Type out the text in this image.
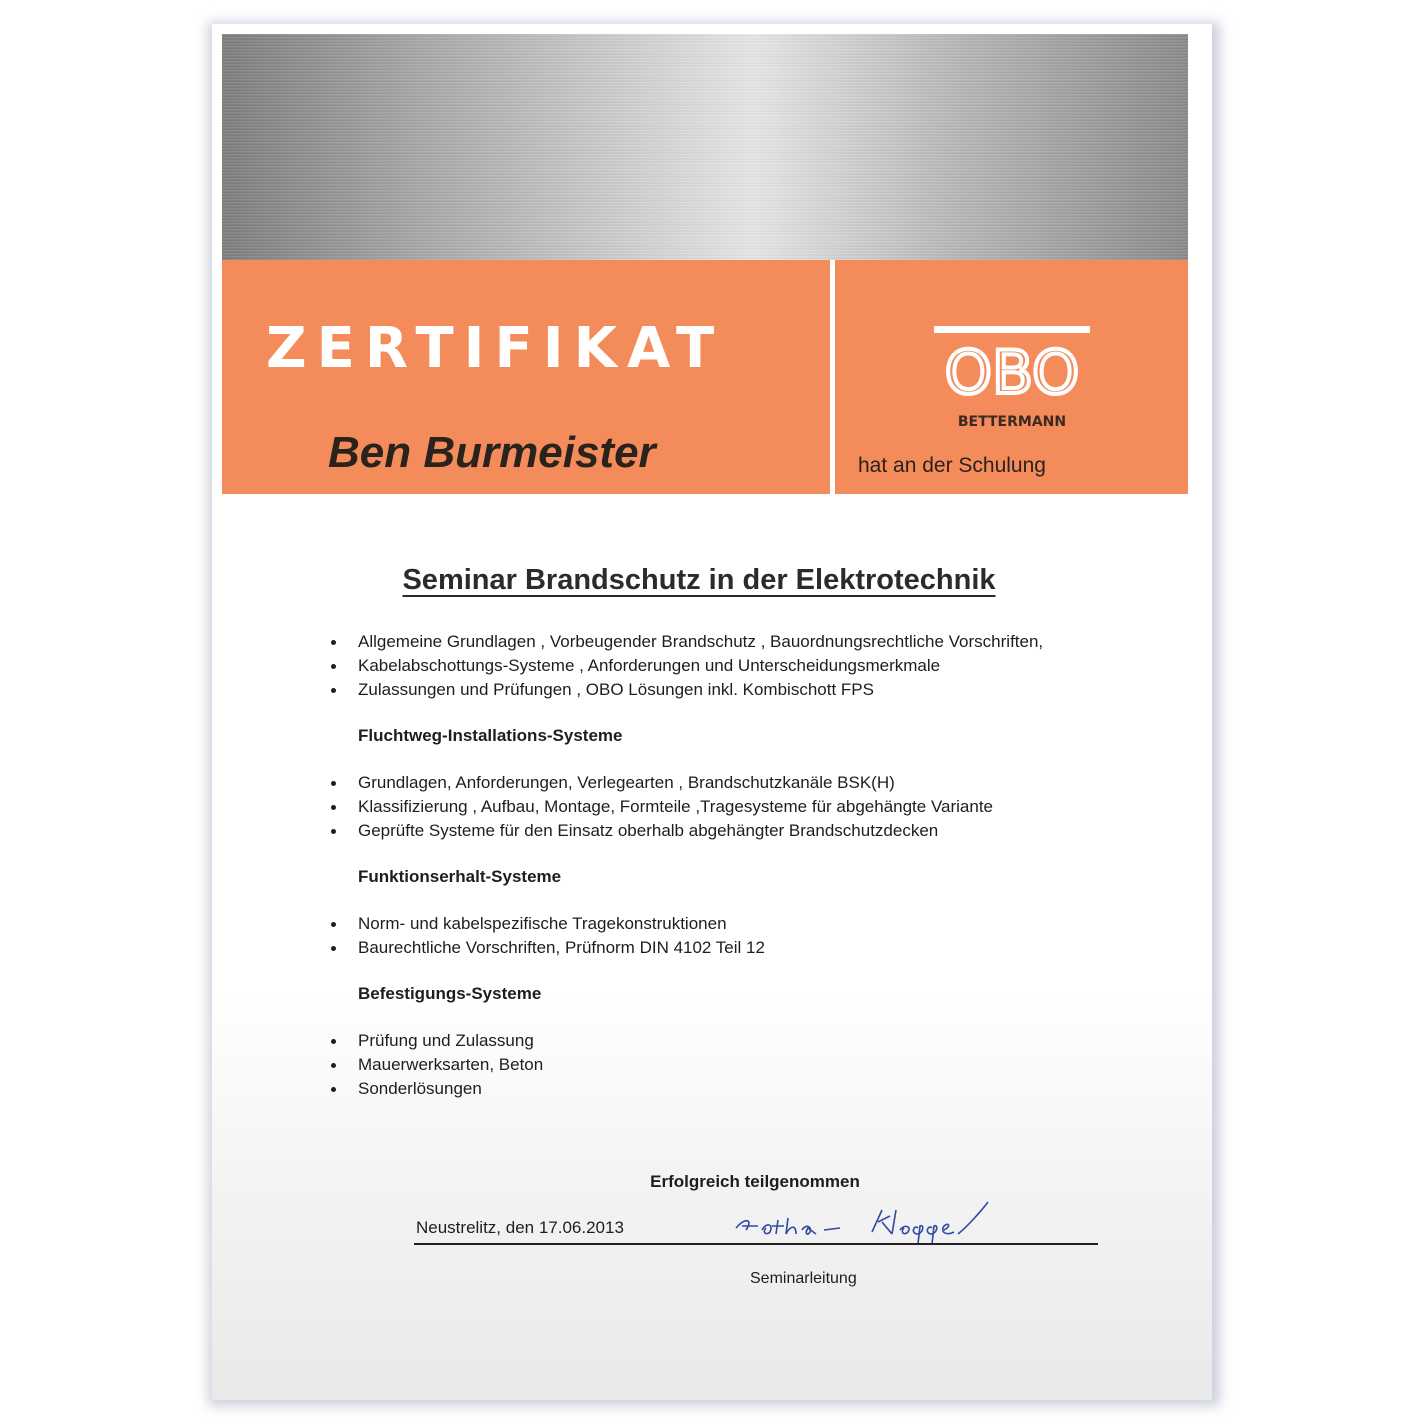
ZERTIFIKAT
Ben Burmeister
OBO
BETTERMANN
hat an der Schulung
Seminar Brandschutz in der Elektrotechnik
Allgemeine Grundlagen , Vorbeugender Brandschutz , Bauordnungsrechtliche Vorschriften,
Kabelabschottungs-Systeme , Anforderungen und Unterscheidungsmerkmale
Zulassungen und Prüfungen , OBO Lösungen inkl. Kombischott FPS
Fluchtweg-Installations-Systeme
Grundlagen, Anforderungen, Verlegearten , Brandschutzkanäle BSK(H)
Klassifizierung , Aufbau, Montage, Formteile ,Tragesysteme für abgehängte Variante
Geprüfte Systeme für den Einsatz oberhalb abgehängter Brandschutzdecken
Funktionserhalt-Systeme
Norm- und kabelspezifische Tragekonstruktionen
Baurechtliche Vorschriften, Prüfnorm DIN 4102 Teil 12
Befestigungs-Systeme
Prüfung und Zulassung
Mauerwerksarten, Beton
Sonderlösungen
Erfolgreich teilgenommen
Neustrelitz, den 17.06.2013
Seminarleitung
